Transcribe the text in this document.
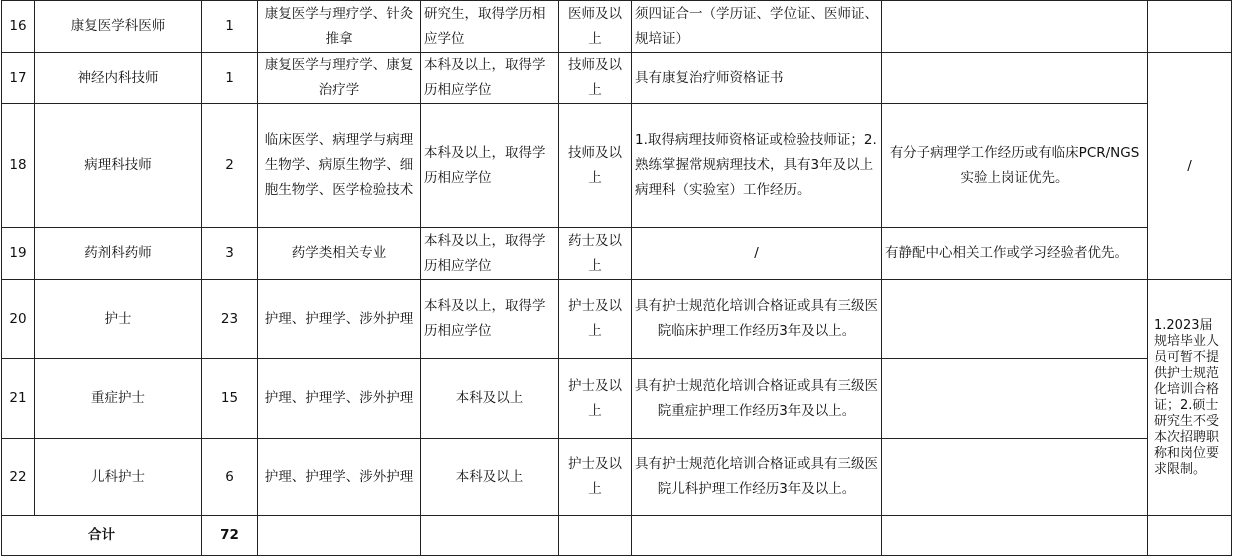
16	康复医学科医师	1	康复医学与理疗学、针灸推拿	研究生，取得学历相应学位	医师及以上	须四证合一（学历证、学位证、医师证、规培证）		
17	神经内科技师	1	康复医学与理疗学、康复治疗学	本科及以上，取得学历相应学位	技师及以上	具有康复治疗师资格证书		/
18	病理科技师	2	临床医学、病理学与病理生物学、病原生物学、细胞生物学、医学检验技术	本科及以上，取得学历相应学位	技师及以上	1.取得病理技师资格证或检验技师证；2.熟练掌握常规病理技术，具有3年及以上病理科（实验室）工作经历。	有分子病理学工作经历或有临床PCR/NGS实验上岗证优先。	
19	药剂科药师	3	药学类相关专业	本科及以上，取得学历相应学位	药士及以上	/	有静配中心相关工作或学习经验者优先。	
20	护士	23	护理、护理学、涉外护理	本科及以上，取得学历相应学位	护士及以上	具有护士规范化培训合格证或具有三级医院临床护理工作经历3年及以上。		1.2023届规培毕业人员可暂不提供护士规范化培训合格证；2.硕士研究生不受本次招聘职称和岗位要求限制。
21	重症护士	15	护理、护理学、涉外护理	本科及以上	护士及以上	具有护士规范化培训合格证或具有三级医院重症护理工作经历3年及以上。		
22	儿科护士	6	护理、护理学、涉外护理	本科及以上	护士及以上	具有护士规范化培训合格证或具有三级医院儿科护理工作经历3年及以上。		
合计		72						
